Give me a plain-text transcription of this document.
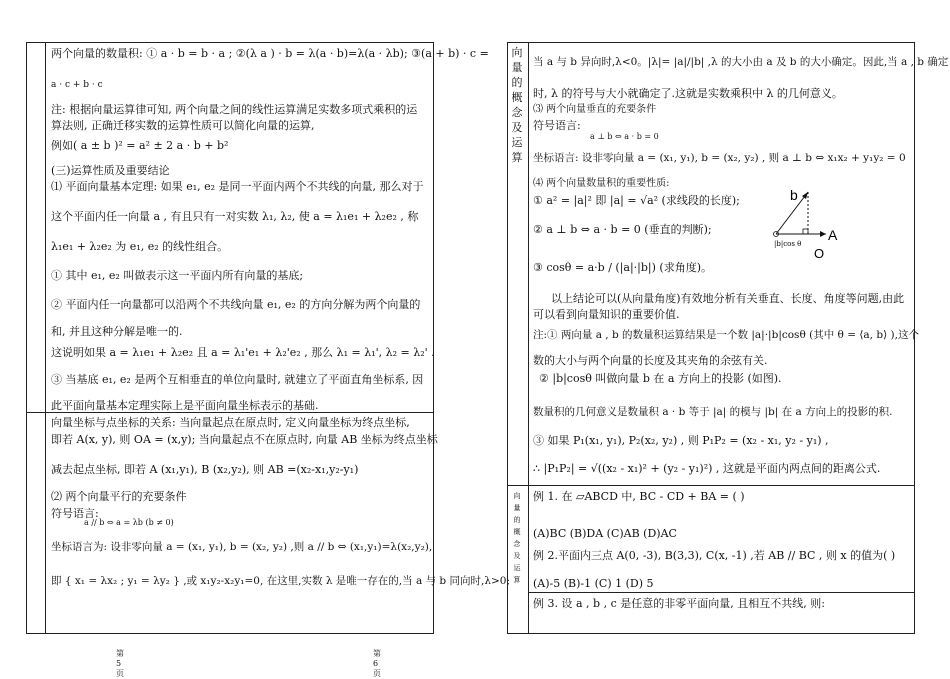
两个向量的数量积: ① a · b = b · a ; ②(λ a ) · b = λ(a · b)=λ(a · λb); ③(a + b) · c =
a · c + b · c
注: 根据向量运算律可知, 两个向量之间的线性运算满足实数多项式乘积的运
算法则, 正确迁移实数的运算性质可以简化向量的运算,
例如( a ± b )² = a² ± 2 a · b + b²
(三)运算性质及重要结论
⑴ 平面向量基本定理: 如果 e₁, e₂ 是同一平面内两个不共线的向量, 那么对于
这个平面内任一向量 a , 有且只有一对实数 λ₁, λ₂, 使 a = λ₁e₁ + λ₂e₂ , 称
λ₁e₁ + λ₂e₂ 为 e₁, e₂ 的线性组合。
① 其中 e₁, e₂ 叫做表示这一平面内所有向量的基底;
② 平面内任一向量都可以沿两个不共线向量 e₁, e₂ 的方向分解为两个向量的
和, 并且这种分解是唯一的.
这说明如果 a = λ₁e₁ + λ₂e₂ 且 a = λ₁'e₁ + λ₂'e₂ , 那么 λ₁ = λ₁', λ₂ = λ₂' .
③ 当基底 e₁, e₂ 是两个互相垂直的单位向量时, 就建立了平面直角坐标系, 因
此平面向量基本定理实际上是平面向量坐标表示的基础.
向量坐标与点坐标的关系: 当向量起点在原点时, 定义向量坐标为终点坐标,
即若 A(x, y), 则 OA = (x,y); 当向量起点不在原点时, 向量 AB 坐标为终点坐标
减去起点坐标, 即若 A (x₁,y₁), B (x₂,y₂), 则 AB =(x₂-x₁,y₂-y₁)
⑵ 两个向量平行的充要条件
符号语言:
a // b ⇔ a = λb (b ≠ 0)
坐标语言为: 设非零向量 a = (x₁, y₁), b = (x₂, y₂) ,则 a // b ⇔ (x₁,y₁)=λ(x₂,y₂),
即 { x₁ = λx₂ ; y₁ = λy₂ } ,或 x₁y₂-x₂y₁=0, 在这里,实数 λ 是唯一存在的,当 a 与 b 同向时,λ>0;
第5页
向
量
的
概
念
及
运
算
当 a 与 b 异向时,λ<0。|λ|= |a|/|b| ,λ 的大小由 a 及 b 的大小确定。因此,当 a , b 确定
时, λ 的符号与大小就确定了.这就是实数乘积中 λ 的几何意义。
⑶ 两个向量垂直的充要条件
符号语言:
a ⊥ b ⇔ a · b = 0
坐标语言: 设非零向量 a = (x₁, y₁), b = (x₂, y₂) , 则 a ⊥ b ⇔ x₁x₂ + y₁y₂ = 0
⑷ 两个向量数量积的重要性质:
① a² = |a|² 即 |a| = √a² (求线段的长度);
② a ⊥ b ⇔ a · b = 0 (垂直的判断);
③ cosθ = a·b / (|a|·|b|) (求角度)。
b
A
|b|cos θ
O
以上结论可以(从向量角度)有效地分析有关垂直、长度、角度等问题,由此
可以看到向量知识的重要价值.
注:① 两向量 a , b 的数量积运算结果是一个数 |a|·|b|cosθ (其中 θ = ⟨a, b⟩ ),这个
数的大小与两个向量的长度及其夹角的余弦有关.
② |b|cosθ 叫做向量 b 在 a 方向上的投影 (如图).
数量积的几何意义是数量积 a · b 等于 |a| 的模与 |b| 在 a 方向上的投影的积.
③ 如果 P₁(x₁, y₁), P₂(x₂, y₂) , 则 P₁P₂ = (x₂ - x₁, y₂ - y₁) ,
∴ |P₁P₂| = √((x₂ - x₁)² + (y₂ - y₁)²) , 这就是平面内两点间的距离公式.
向
量
的
概
念
及
运
算
例 1. 在 ▱ABCD 中, BC - CD + BA = ( )
(A)BC (B)DA (C)AB (D)AC
例 2.平面内三点 A(0, -3), B(3,3), C(x, -1) ,若 AB // BC , 则 x 的值为( )
(A)-5 (B)-1 (C) 1 (D) 5
例 3. 设 a , b , c 是任意的非零平面向量, 且相互不共线, 则:
第6页
